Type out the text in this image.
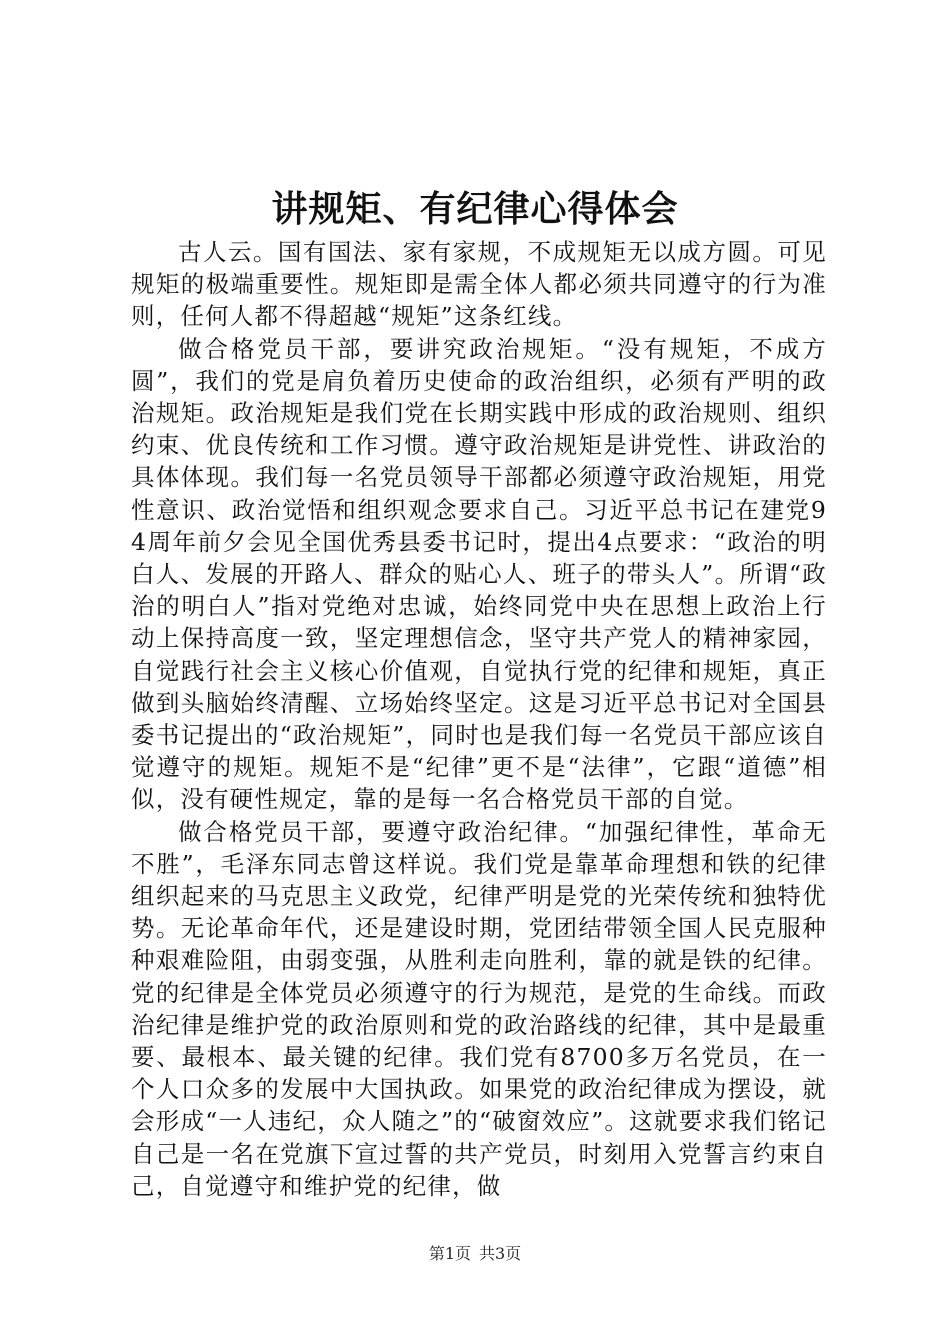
讲规矩、有纪律心得体会

古人云。国有国法、家有家规，不成规矩无以成方圆。可见规矩的极端重要性。规矩即是需全体人都必须共同遵守的行为准则，任何人都不得超越“规矩”这条红线。

做合格党员干部，要讲究政治规矩。“没有规矩，不成方圆”，我们的党是肩负着历史使命的政治组织，必须有严明的政治规矩。政治规矩是我们党在长期实践中形成的政治规则、组织约束、优良传统和工作习惯。遵守政治规矩是讲党性、讲政治的具体体现。我们每一名党员领导干部都必须遵守政治规矩，用党性意识、政治觉悟和组织观念要求自己。习近平总书记在建党94周年前夕会见全国优秀县委书记时，提出4点要求：“政治的明白人、发展的开路人、群众的贴心人、班子的带头人”。所谓“政治的明白人”指对党绝对忠诚，始终同党中央在思想上政治上行动上保持高度一致，坚定理想信念，坚守共产党人的精神家园，自觉践行社会主义核心价值观，自觉执行党的纪律和规矩，真正做到头脑始终清醒、立场始终坚定。这是习近平总书记对全国县委书记提出的“政治规矩”，同时也是我们每一名党员干部应该自觉遵守的规矩。规矩不是“纪律”更不是“法律”，它跟“道德”相似，没有硬性规定，靠的是每一名合格党员干部的自觉。

做合格党员干部，要遵守政治纪律。“加强纪律性，革命无不胜”，毛泽东同志曾这样说。我们党是靠革命理想和铁的纪律组织起来的马克思主义政党，纪律严明是党的光荣传统和独特优势。无论革命年代，还是建设时期，党团结带领全国人民克服种种艰难险阻，由弱变强，从胜利走向胜利，靠的就是铁的纪律。党的纪律是全体党员必须遵守的行为规范，是党的生命线。而政治纪律是维护党的政治原则和党的政治路线的纪律，其中是最重要、最根本、最关键的纪律。我们党有8700多万名党员，在一个人口众多的发展中大国执政。如果党的政治纪律成为摆设，就会形成“一人违纪，众人随之”的“破窗效应”。这就要求我们铭记自己是一名在党旗下宣过誓的共产党员，时刻用入党誓言约束自己，自觉遵守和维护党的纪律，做

第1页 共3页
